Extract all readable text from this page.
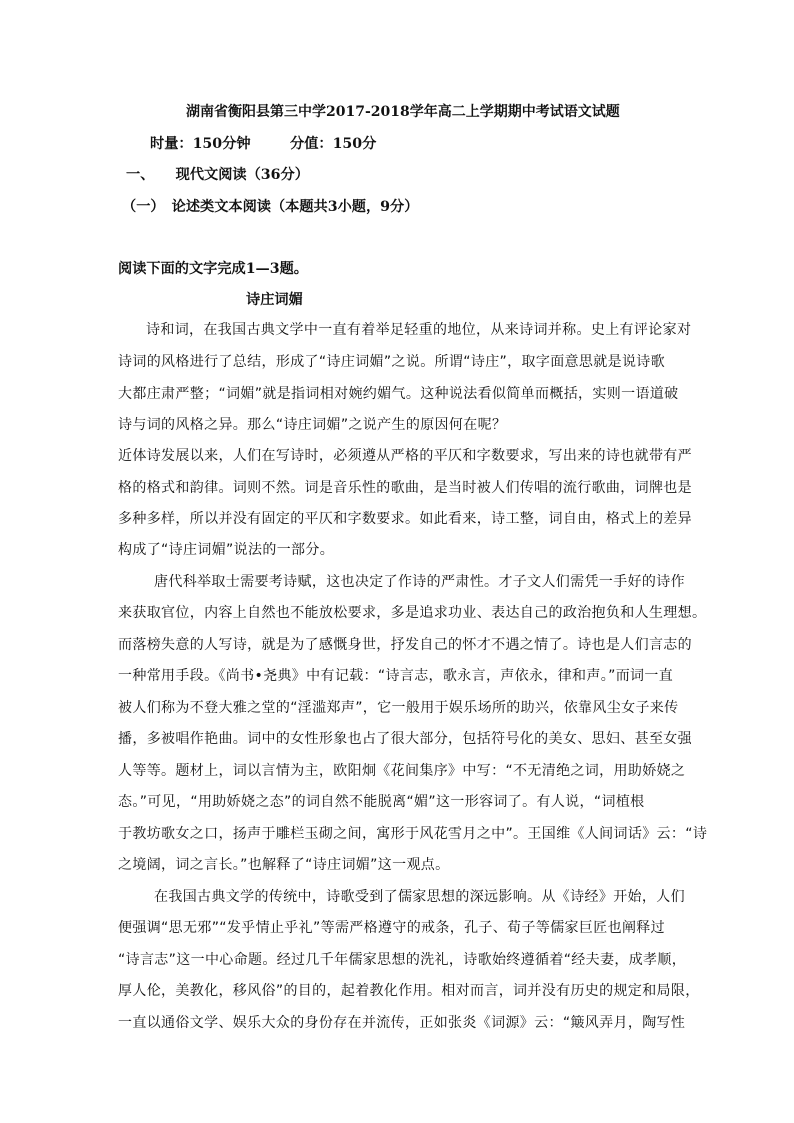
湖南省衡阳县第三中学2017-2018学年高二上学期期中考试语文试题
时量：150分钟	分值：150分
一、　　现代文阅读（36分）
（一）　论述类文本阅读（本题共3小题，9分）
阅读下面的文字完成1—3题。
诗庄词媚
诗和词，在我国古典文学中一直有着举足轻重的地位，从来诗词并称。史上有评论家对
诗词的风格进行了总结，形成了“诗庄词媚”之说。所谓“诗庄”，取字面意思就是说诗歌
大都庄肃严整；“词媚”就是指词相对婉约媚气。这种说法看似简单而概括，实则一语道破
诗与词的风格之异。那么“诗庄词媚”之说产生的原因何在呢？
近体诗发展以来，人们在写诗时，必须遵从严格的平仄和字数要求，写出来的诗也就带有严
格的格式和韵律。词则不然。词是音乐性的歌曲，是当时被人们传唱的流行歌曲，词牌也是
多种多样，所以并没有固定的平仄和字数要求。如此看来，诗工整，词自由，格式上的差异
构成了“诗庄词媚”说法的一部分。
唐代科举取士需要考诗赋，这也决定了作诗的严肃性。才子文人们需凭一手好的诗作
来获取官位，内容上自然也不能放松要求，多是追求功业、表达自己的政治抱负和人生理想。
而落榜失意的人写诗，就是为了感慨身世，抒发自己的怀才不遇之情了。诗也是人们言志的
一种常用手段。《尚书•尧典》中有记载：“诗言志，歌永言，声依永，律和声。”而词一直
被人们称为不登大雅之堂的“淫滥郑声”，它一般用于娱乐场所的助兴，依靠风尘女子来传
播，多被唱作艳曲。词中的女性形象也占了很大部分，包括符号化的美女、思妇、甚至女强
人等等。题材上，词以言情为主，欧阳炯《花间集序》中写：“不无清绝之词，用助娇娆之
态。”可见，“用助娇娆之态”的词自然不能脱离“媚”这一形容词了。有人说，“词植根
于教坊歌女之口，扬声于雕栏玉砌之间，寓形于风花雪月之中”。王国维《人间词话》云：“诗
之境阔，词之言长。”也解释了“诗庄词媚”这一观点。
在我国古典文学的传统中，诗歌受到了儒家思想的深远影响。从《诗经》开始，人们
便强调“思无邪”“发乎情止乎礼”等需严格遵守的戒条，孔子、荀子等儒家巨匠也阐释过
“诗言志”这一中心命题。经过几千年儒家思想的洗礼，诗歌始终遵循着“经夫妻，成孝顺，
厚人伦，美教化，移风俗”的目的，起着教化作用。相对而言，词并没有历史的规定和局限，
一直以通俗文学、娱乐大众的身份存在并流传，正如张炎《词源》云：“簸风弄月，陶写性
